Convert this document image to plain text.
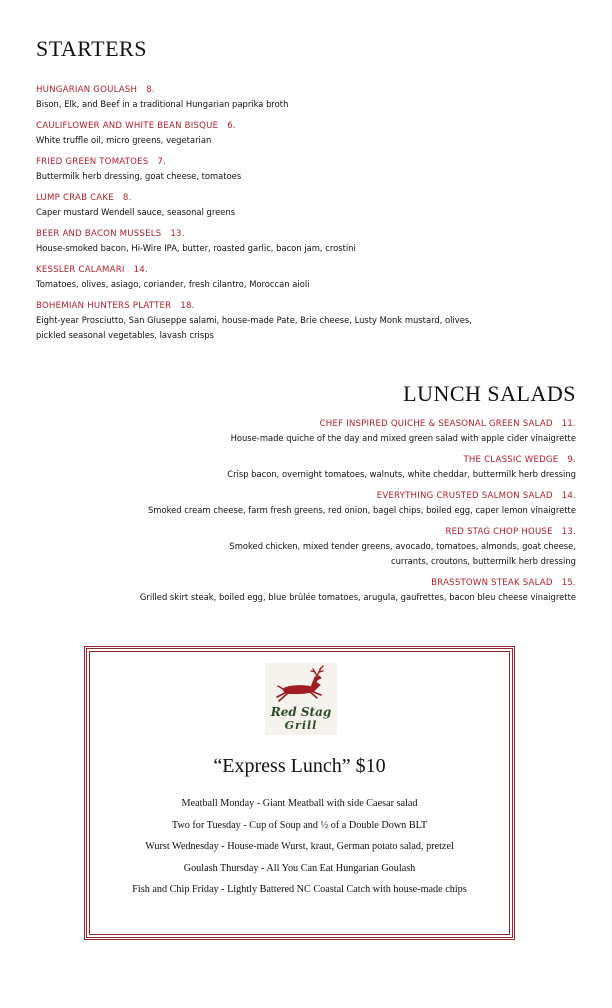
STARTERS
HUNGARIAN GOULASH 8.
Bison, Elk, and Beef in a traditional Hungarian paprika broth
CAULIFLOWER AND WHITE BEAN BISQUE 6.
White truffle oil, micro greens, vegetarian
FRIED GREEN TOMATOES 7.
Buttermilk herb dressing, goat cheese, tomatoes
LUMP CRAB CAKE 8.
Caper mustard Wendell sauce, seasonal greens
BEER AND BACON MUSSELS 13.
House-smoked bacon, Hi-Wire IPA, butter, roasted garlic, bacon jam, crostini
KESSLER CALAMARI 14.
Tomatoes, olives, asiago, coriander, fresh cilantro, Moroccan aioli
BOHEMIAN HUNTERS PLATTER 18.
Eight-year Prosciutto, San Giuseppe salami, house-made Pate, Brie cheese, Lusty Monk mustard, olives,
pickled seasonal vegetables, lavash crisps
LUNCH SALADS
CHEF INSPIRED QUICHE & SEASONAL GREEN SALAD 11.
House-made quiche of the day and mixed green salad with apple cider vinaigrette
THE CLASSIC WEDGE 9.
Crisp bacon, overnight tomatoes, walnuts, white cheddar, buttermilk herb dressing
EVERYTHING CRUSTED SALMON SALAD 14.
Smoked cream cheese, farm fresh greens, red onion, bagel chips, boiled egg, caper lemon vinaigrette
RED STAG CHOP HOUSE 13.
Smoked chicken, mixed tender greens, avocado, tomatoes, almonds, goat cheese,
currants, croutons, buttermilk herb dressing
BRASSTOWN STEAK SALAD 15.
Grilled skirt steak, boiled egg, blue brûlée tomatoes, arugula, gaufrettes, bacon bleu cheese vinaigrette
Red Stag
Grill
“Express Lunch” $10
Meatball Monday - Giant Meatball with side Caesar salad
Two for Tuesday - Cup of Soup and ½ of a Double Down BLT
Wurst Wednesday - House-made Wurst, kraut, German potato salad, pretzel
Goulash Thursday - All You Can Eat Hungarian Goulash
Fish and Chip Friday - Lightly Battered NC Coastal Catch with house-made chips
